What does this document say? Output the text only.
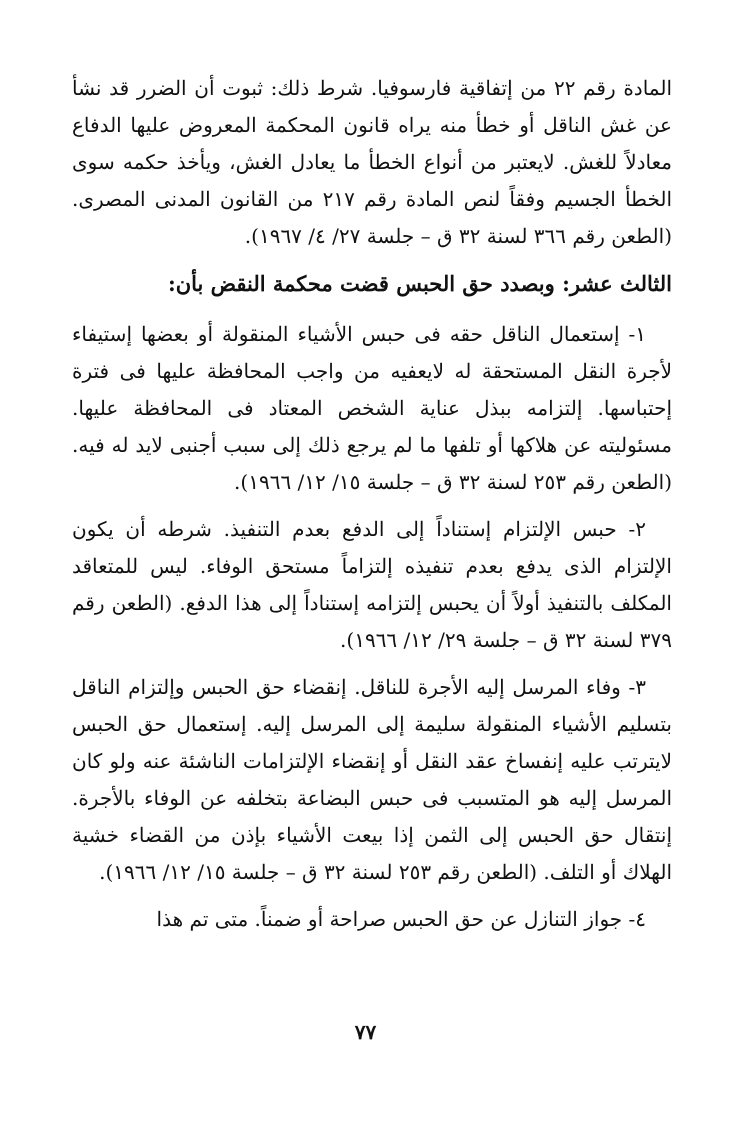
المادة رقم ٢٢ من إتفاقية فارسوفيا. شرط ذلك: ثبوت أن الضرر قد نشأ عن غش الناقل أو خطأ منه يراه قانون المحكمة المعروض عليها الدفاع معادلاً للغش. لايعتبر من أنواع الخطأ ما يعادل الغش، ويأخذ حكمه سوى الخطأ الجسيم وفقاً لنص المادة رقم ٢١٧ من القانون المدنى المصرى. (الطعن رقم ٣٦٦ لسنة ٣٢ ق – جلسة ٢٧/ ٤/ ١٩٦٧).

الثالث عشر: وبصدد حق الحبس قضت محكمة النقض بأن:

١- إستعمال الناقل حقه فى حبس الأشياء المنقولة أو بعضها إستيفاء لأجرة النقل المستحقة له لايعفيه من واجب المحافظة عليها فى فترة إحتباسها. إلتزامه ببذل عناية الشخص المعتاد فى المحافظة عليها. مسئوليته عن هلاكها أو تلفها ما لم يرجع ذلك إلى سبب أجنبى لايد له فيه. (الطعن رقم ٢٥٣ لسنة ٣٢ ق – جلسة ١٥/ ١٢/ ١٩٦٦).

٢- حبس الإلتزام إستناداً إلى الدفع بعدم التنفيذ. شرطه أن يكون الإلتزام الذى يدفع بعدم تنفيذه إلتزاماً مستحق الوفاء. ليس للمتعاقد المكلف بالتنفيذ أولاً أن يحبس إلتزامه إستناداً إلى هذا الدفع. (الطعن رقم ٣٧٩ لسنة ٣٢ ق – جلسة ٢٩/ ١٢/ ١٩٦٦).

٣- وفاء المرسل إليه الأجرة للناقل. إنقضاء حق الحبس وإلتزام الناقل بتسليم الأشياء المنقولة سليمة إلى المرسل إليه. إستعمال حق الحبس لايترتب عليه إنفساخ عقد النقل أو إنقضاء الإلتزامات الناشئة عنه ولو كان المرسل إليه هو المتسبب فى حبس البضاعة بتخلفه عن الوفاء بالأجرة. إنتقال حق الحبس إلى الثمن إذا بيعت الأشياء بإذن من القضاء خشية الهلاك أو التلف. (الطعن رقم ٢٥٣ لسنة ٣٢ ق – جلسة ١٥/ ١٢/ ١٩٦٦).

٤- جواز التنازل عن حق الحبس صراحة أو ضمناً. متى تم هذا

٧٧
